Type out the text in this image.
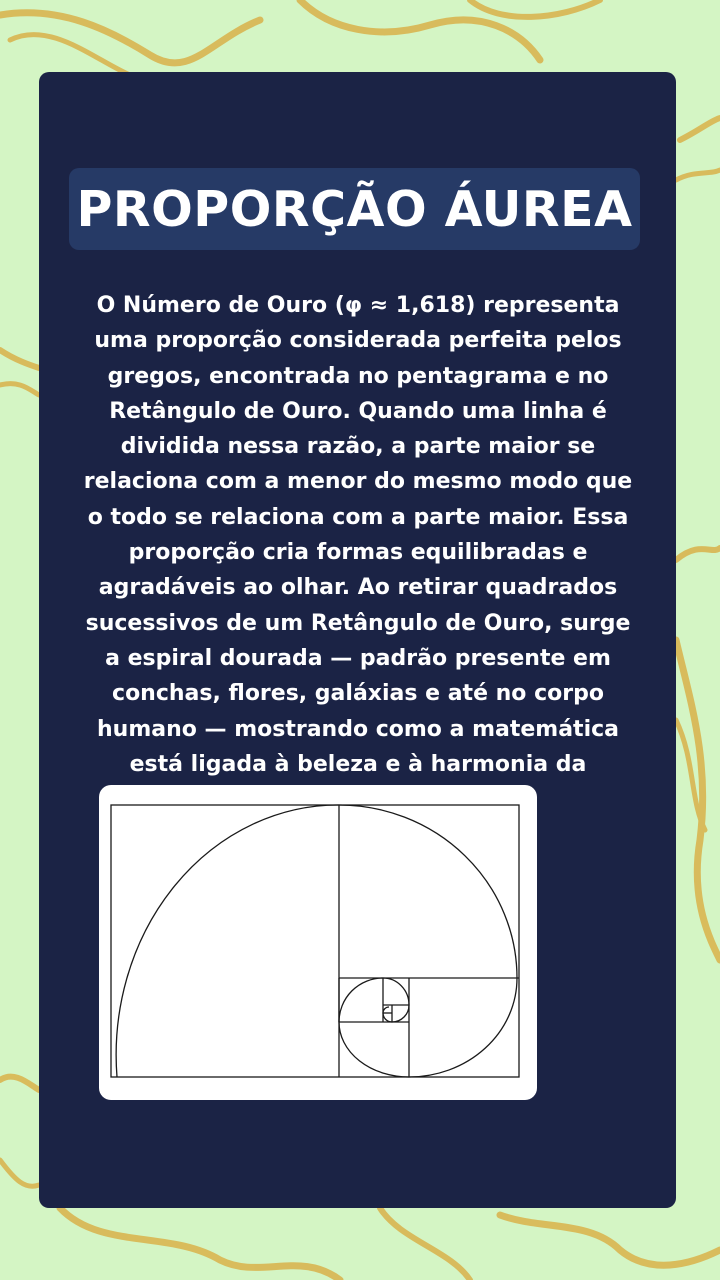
PROPORÇÃO ÁUREA
O Número de Ouro (φ ≈ 1,618) representa uma proporção considerada perfeita pelos gregos, encontrada no pentagrama e no Retângulo de Ouro. Quando uma linha é dividida nessa razão, a parte maior se relaciona com a menor do mesmo modo que o todo se relaciona com a parte maior. Essa proporção cria formas equilibradas e agradáveis ao olhar. Ao retirar quadrados sucessivos de um Retângulo de Ouro, surge a espiral dourada — padrão presente em conchas, flores, galáxias e até no corpo humano — mostrando como a matemática está ligada à beleza e à harmonia da
